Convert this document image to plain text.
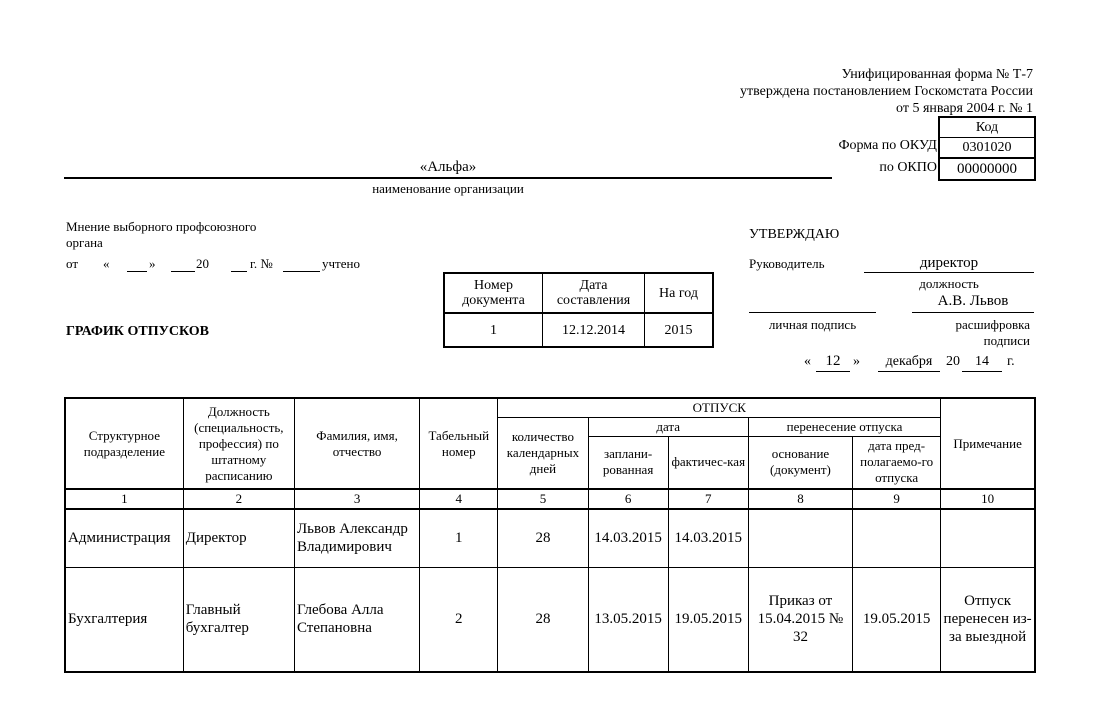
Унифицированная форма № Т-7
утверждена постановлением Госкомстата России
от 5 января 2004 г. № 1
Код
0301020
00000000
Форма по ОКУД
по ОКПО
«Альфа»
наименование организации
Мнение выборного профсоюзного
органа
от «	»	20	г. №	учтено
Номер документа	Дата составления	На год
1	12.12.2014	2015
ГРАФИК ОТПУСКОВ
УТВЕРЖДАЮ
Руководитель	директор
должность
А.В. Львов
личная подпись	расшифровка подписи
« 12 »	декабря 20	14	г.
Структурное подразделение	Должность (специальность, профессия) по штатному расписанию	Фамилия, имя, отчество	Табельный номер	ОТПУСК					Примечание
				количество календарных дней	дата		перенесение отпуска		
					заплани-рованная	фактичес-кая	основание (документ)	дата пред-полагаемо-го отпуска	
1	2	3	4	5	6	7	8	9	10
Администрация	Директор	Львов Александр Владимирович	1	28	14.03.2015	14.03.2015			
Бухгалтерия	Главный бухгалтер	Глебова Алла Степановна	2	28	13.05.2015	19.05.2015	Приказ от 15.04.2015 № 32	19.05.2015	Отпуск перенесен из-за выездной
